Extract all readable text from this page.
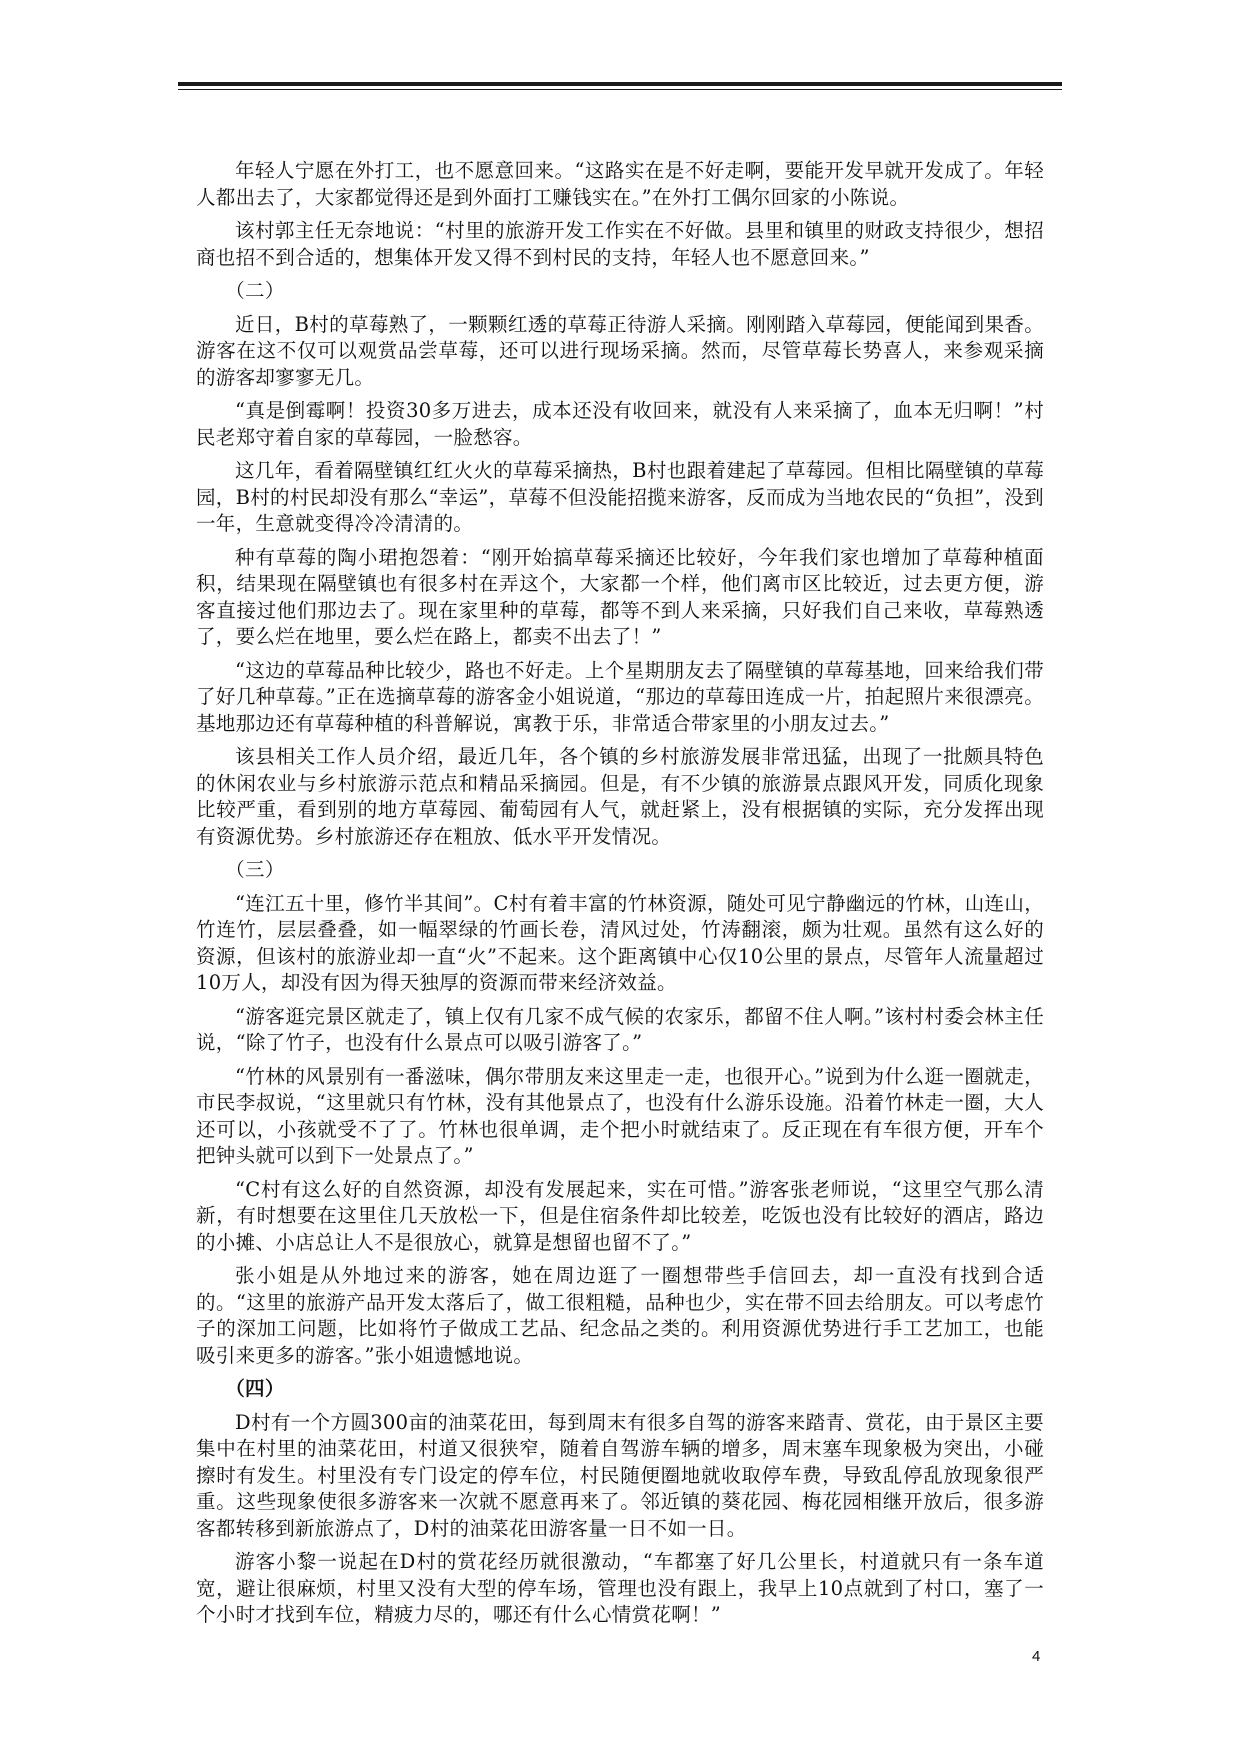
年轻人宁愿在外打工，也不愿意回来。“这路实在是不好走啊，要能开发早就开发成了。年轻人都出去了，大家都觉得还是到外面打工赚钱实在。”在外打工偶尔回家的小陈说。

该村郭主任无奈地说：“村里的旅游开发工作实在不好做。县里和镇里的财政支持很少，想招商也招不到合适的，想集体开发又得不到村民的支持，年轻人也不愿意回来。”

（二）

近日，B村的草莓熟了，一颗颗红透的草莓正待游人采摘。刚刚踏入草莓园，便能闻到果香。游客在这不仅可以观赏品尝草莓，还可以进行现场采摘。然而，尽管草莓长势喜人，来参观采摘的游客却寥寥无几。

“真是倒霉啊！投资30多万进去，成本还没有收回来，就没有人来采摘了，血本无归啊！”村民老郑守着自家的草莓园，一脸愁容。

这几年，看着隔壁镇红红火火的草莓采摘热，B村也跟着建起了草莓园。但相比隔壁镇的草莓园，B村的村民却没有那么“幸运”，草莓不但没能招揽来游客，反而成为当地农民的“负担”，没到一年，生意就变得冷冷清清的。

种有草莓的陶小珺抱怨着：“刚开始搞草莓采摘还比较好，今年我们家也增加了草莓种植面积，结果现在隔壁镇也有很多村在弄这个，大家都一个样，他们离市区比较近，过去更方便，游客直接过他们那边去了。现在家里种的草莓，都等不到人来采摘，只好我们自己来收，草莓熟透了，要么烂在地里，要么烂在路上，都卖不出去了！”

“这边的草莓品种比较少，路也不好走。上个星期朋友去了隔壁镇的草莓基地，回来给我们带了好几种草莓。”正在选摘草莓的游客金小姐说道，“那边的草莓田连成一片，拍起照片来很漂亮。基地那边还有草莓种植的科普解说，寓教于乐，非常适合带家里的小朋友过去。”

该县相关工作人员介绍，最近几年，各个镇的乡村旅游发展非常迅猛，出现了一批颇具特色的休闲农业与乡村旅游示范点和精品采摘园。但是，有不少镇的旅游景点跟风开发，同质化现象比较严重，看到别的地方草莓园、葡萄园有人气，就赶紧上，没有根据镇的实际，充分发挥出现有资源优势。乡村旅游还存在粗放、低水平开发情况。

（三）

“连江五十里，修竹半其间”。C村有着丰富的竹林资源，随处可见宁静幽远的竹林，山连山，竹连竹，层层叠叠，如一幅翠绿的竹画长卷，清风过处，竹涛翻滚，颇为壮观。虽然有这么好的资源，但该村的旅游业却一直“火”不起来。这个距离镇中心仅10公里的景点，尽管年人流量超过10万人，却没有因为得天独厚的资源而带来经济效益。

“游客逛完景区就走了，镇上仅有几家不成气候的农家乐，都留不住人啊。”该村村委会林主任说，“除了竹子，也没有什么景点可以吸引游客了。”

“竹林的风景别有一番滋味，偶尔带朋友来这里走一走，也很开心。”说到为什么逛一圈就走，市民李叔说，“这里就只有竹林，没有其他景点了，也没有什么游乐设施。沿着竹林走一圈，大人还可以，小孩就受不了了。竹林也很单调，走个把小时就结束了。反正现在有车很方便，开车个把钟头就可以到下一处景点了。”

“C村有这么好的自然资源，却没有发展起来，实在可惜。”游客张老师说，“这里空气那么清新，有时想要在这里住几天放松一下，但是住宿条件却比较差，吃饭也没有比较好的酒店，路边的小摊、小店总让人不是很放心，就算是想留也留不了。”

张小姐是从外地过来的游客，她在周边逛了一圈想带些手信回去，却一直没有找到合适的。“这里的旅游产品开发太落后了，做工很粗糙，品种也少，实在带不回去给朋友。可以考虑竹子的深加工问题，比如将竹子做成工艺品、纪念品之类的。利用资源优势进行手工艺加工，也能吸引来更多的游客。”张小姐遗憾地说。

（四）

D村有一个方圆300亩的油菜花田，每到周末有很多自驾的游客来踏青、赏花，由于景区主要集中在村里的油菜花田，村道又很狭窄，随着自驾游车辆的增多，周末塞车现象极为突出，小碰擦时有发生。村里没有专门设定的停车位，村民随便圈地就收取停车费，导致乱停乱放现象很严重。这些现象使很多游客来一次就不愿意再来了。邻近镇的葵花园、梅花园相继开放后，很多游客都转移到新旅游点了，D村的油菜花田游客量一日不如一日。

游客小黎一说起在D村的赏花经历就很激动，“车都塞了好几公里长，村道就只有一条车道宽，避让很麻烦，村里又没有大型的停车场，管理也没有跟上，我早上10点就到了村口，塞了一个小时才找到车位，精疲力尽的，哪还有什么心情赏花啊！”

4
